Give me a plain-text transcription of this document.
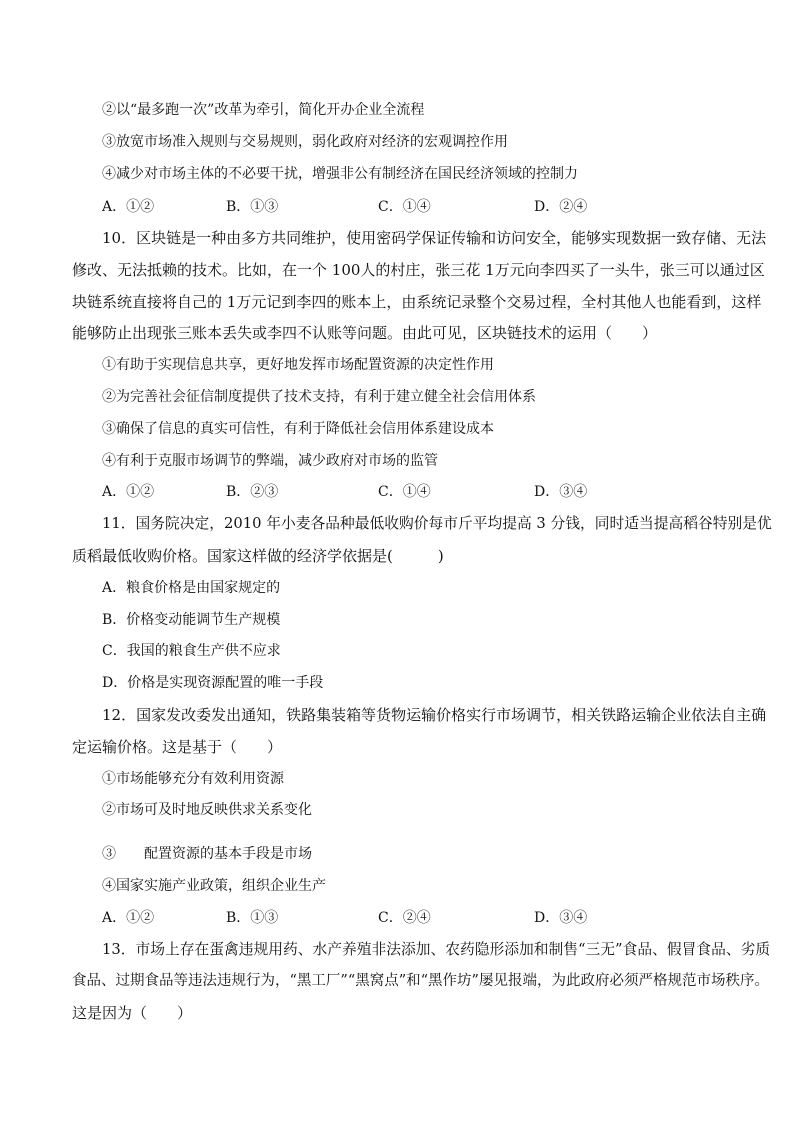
②以“最多跑一次”改革为牵引，简化开办企业全流程
③放宽市场准入规则与交易规则，弱化政府对经济的宏观调控作用
④减少对市场主体的不必要干扰，增强非公有制经济在国民经济领域的控制力
A．①②	B．①③	C．①④	D．②④
10．区块链是一种由多方共同维护，使用密码学保证传输和访问安全，能够实现数据一致存储、无法
修改、无法抵赖的技术。比如，在一个 100人的村庄，张三花 1万元向李四买了一头牛，张三可以通过区
块链系统直接将自己的 1万元记到李四的账本上，由系统记录整个交易过程，全村其他人也能看到，这样
能够防止出现张三账本丢失或李四不认账等问题。由此可见，区块链技术的运用（　　）
①有助于实现信息共享，更好地发挥市场配置资源的决定性作用
②为完善社会征信制度提供了技术支持，有利于建立健全社会信用体系
③确保了信息的真实可信性，有利于降低社会信用体系建设成本
④有利于克服市场调节的弊端，减少政府对市场的监管
A．①②	B．②③	C．①④	D．③④
11．国务院决定，2010 年小麦各品种最低收购价每市斤平均提高 3 分钱，同时适当提高稻谷特别是优
质稻最低收购价格。国家这样做的经济学依据是(　　　)
A．粮食价格是由国家规定的
B．价格变动能调节生产规模
C．我国的粮食生产供不应求
D．价格是实现资源配置的唯一手段
12．国家发改委发出通知，铁路集装箱等货物运输价格实行市场调节，相关铁路运输企业依法自主确
定运输价格。这是基于（　　）
①市场能够充分有效利用资源
②市场可及时地反映供求关系变化
③　　配置资源的基本手段是市场
④国家实施产业政策，组织企业生产
A．①②	B．①③	C．②④	D．③④
13．市场上存在蛋禽违规用药、水产养殖非法添加、农药隐形添加和制售“三无”食品、假冒食品、劣质
食品、过期食品等违法违规行为，“黑工厂”“黑窝点”和“黑作坊”屡见报端，为此政府必须严格规范市场秩序。
这是因为（　　）
